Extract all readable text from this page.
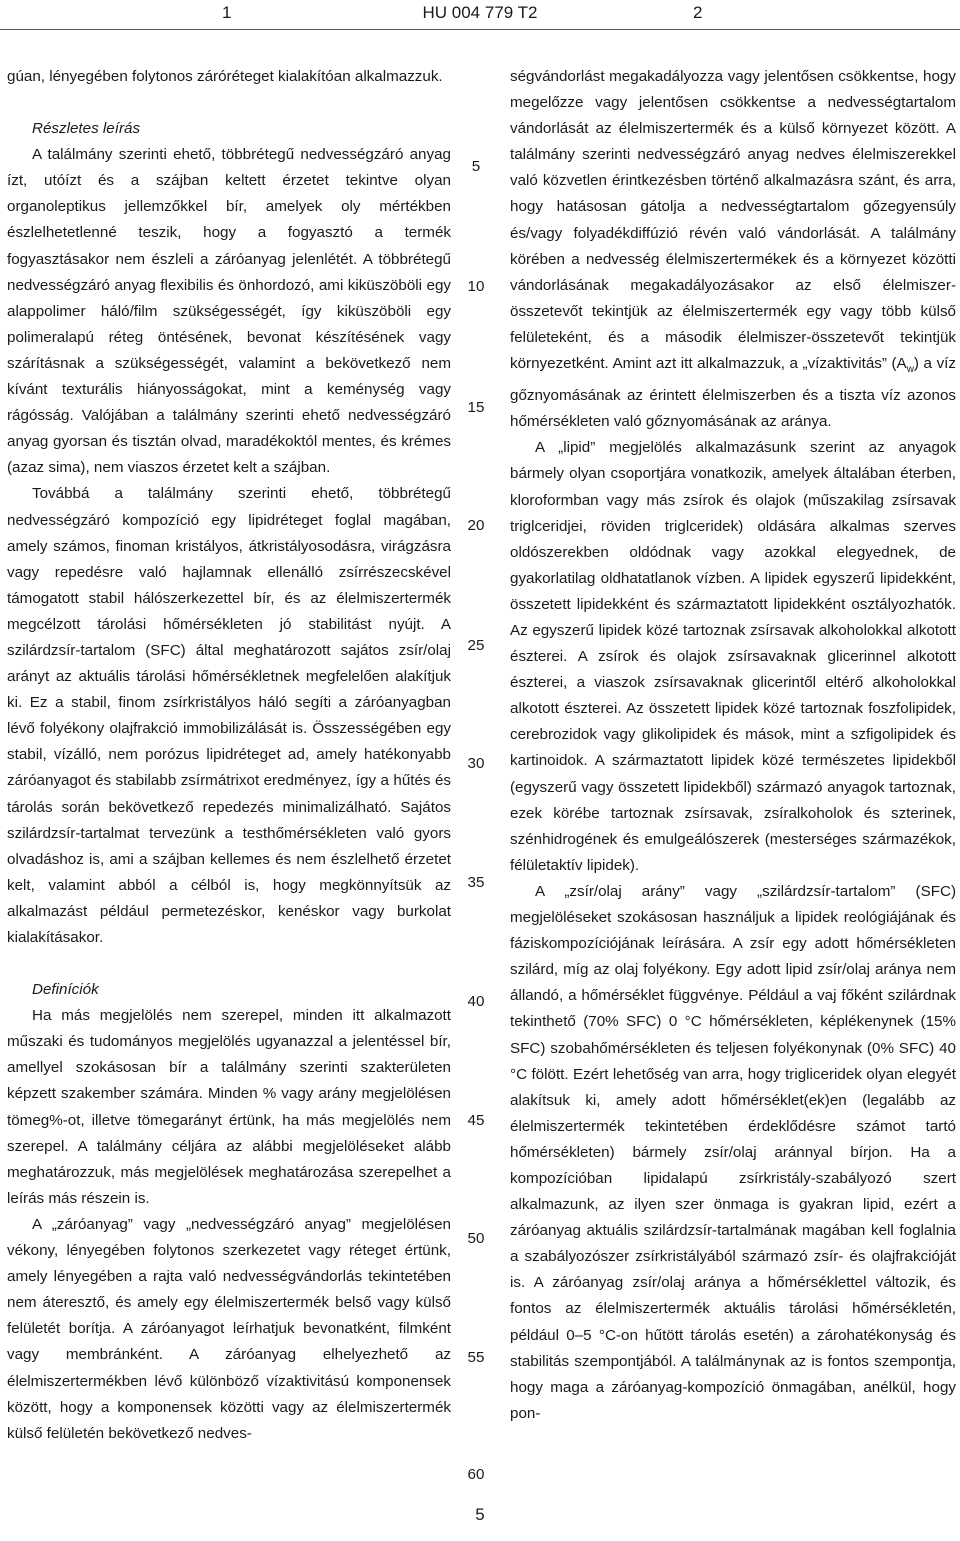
1	HU 004 779 T2	2

gúan, lényegében folytonos záróréteget kialakítóan alkalmazzuk.

Részletes leírás

A találmány szerinti ehető, többrétegű nedvességzáró anyag ízt, utóízt és a szájban keltett érzetet tekintve olyan organoleptikus jellemzőkkel bír, amelyek oly mértékben észlelhetetlenné teszik, hogy a fogyasztó a termék fogyasztásakor nem észleli a záróanyag jelenlétét. A többrétegű nedvességzáró anyag flexibilis és önhordozó, ami kiküszöböli egy alappolimer háló/film szükségességét, így kiküszöböli egy polimeralapú réteg öntésének, bevonat készítésének vagy szárításnak a szükségességét, valamint a bekövetkező nem kívánt texturális hiányosságokat, mint a keménység vagy rágósság. Valójában a találmány szerinti ehető nedvességzáró anyag gyorsan és tisztán olvad, maradékoktól mentes, és krémes (azaz sima), nem viaszos érzetet kelt a szájban.

Továbbá a találmány szerinti ehető, többrétegű nedvességzáró kompozíció egy lipidréteget foglal magában, amely számos, finoman kristályos, átkristályosodásra, virágzásra vagy repedésre való hajlamnak ellenálló zsírrészecskével támogatott stabil hálószerkezettel bír, és az élelmiszertermék megcélzott tárolási hőmérsékleten jó stabilitást nyújt. A szilárdzsír-tartalom (SFC) által meghatározott sajátos zsír/olaj arányt az aktuális tárolási hőmérsékletnek megfelelően alakítjuk ki. Ez a stabil, finom zsírkristályos háló segíti a záróanyagban lévő folyékony olajfrakció immobilizálását is. Összességében egy stabil, vízálló, nem porózus lipidréteget ad, amely hatékonyabb záróanyagot és stabilabb zsírmátrixot eredményez, így a hűtés és tárolás során bekövetkező repedezés minimalizálható. Sajátos szilárdzsír-tartalmat tervezünk a testhőmérsékleten való gyors olvadáshoz is, ami a szájban kellemes és nem észlelhető érzetet kelt, valamint abból a célból is, hogy megkönnyítsük az alkalmazást például permetezéskor, kenéskor vagy burkolat kialakításakor.

Definíciók

Ha más megjelölés nem szerepel, minden itt alkalmazott műszaki és tudományos megjelölés ugyanazzal a jelentéssel bír, amellyel szokásosan bír a találmány szerinti szakterületen képzett szakember számára. Minden % vagy arány megjelölésen tömeg%-ot, illetve tömegarányt értünk, ha más megjelölés nem szerepel. A találmány céljára az alábbi megjelöléseket alább meghatározzuk, más megjelölések meghatározása szerepelhet a leírás más részein is.

A „záróanyag” vagy „nedvességzáró anyag” megjelölésen vékony, lényegében folytonos szerkezetet vagy réteget értünk, amely lényegében a rajta való nedvességvándorlás tekintetében nem áteresztő, és amely egy élelmiszertermék belső vagy külső felületét borítja. A záróanyagot leírhatjuk bevonatként, filmként vagy membránként. A záróanyag elhelyezhető az élelmiszertermékben lévő különböző vízaktivitású komponensek között, hogy a komponensek közötti vagy az élelmiszertermék külső felületén bekövetkező nedves-

5
10
15
20
25
30
35
40
45
50
55
60

ségvándorlást megakadályozza vagy jelentősen csökkentse, hogy megelőzze vagy jelentősen csökkentse a nedvességtartalom vándorlását az élelmiszertermék és a külső környezet között. A találmány szerinti nedvességzáró anyag nedves élelmiszerekkel való közvetlen érintkezésben történő alkalmazásra szánt, és arra, hogy hatásosan gátolja a nedvességtartalom gőzegyensúly és/vagy folyadékdiffúzió révén való vándorlását. A találmány körében a nedvesség élelmiszertermékek és a környezet közötti vándorlásának megakadályozásakor az első élelmiszer-összetevőt tekintjük az élelmiszertermék egy vagy több külső felületeként, és a második élelmiszer-összetevőt tekintjük környezetként. Amint azt itt alkalmazzuk, a „vízaktivitás” $(A_w)$ a víz gőznyomásának az érintett élelmiszerben és a tiszta víz azonos hőmérsékleten való gőznyomásának az aránya.

A „lipid” megjelölés alkalmazásunk szerint az anyagok bármely olyan csoportjára vonatkozik, amelyek általában éterben, kloroformban vagy más zsírok és olajok (műszakilag zsírsavak triglceridjei, röviden triglceridek) oldására alkalmas szerves oldószerekben oldódnak vagy azokkal elegyednek, de gyakorlatilag oldhatatlanok vízben. A lipidek egyszerű lipidekként, összetett lipidekként és származtatott lipidekként osztályozhatók. Az egyszerű lipidek közé tartoznak zsírsavak alkoholokkal alkotott észterei. A zsírok és olajok zsírsavaknak glicerinnel alkotott észterei, a viaszok zsírsavaknak glicerintől eltérő alkoholokkal alkotott észterei. Az összetett lipidek közé tartoznak foszfolipidek, cerebrozidok vagy glikolipidek és mások, mint a szfigolipidek és kartinoidok. A származtatott lipidek közé természetes lipidekből (egyszerű vagy összetett lipidekből) származó anyagok tartoznak, ezek körébe tartoznak zsírsavak, zsíralkoholok és szterinek, szénhidrogének és emulgeálószerek (mesterséges származékok, félületaktív lipidek).

A „zsír/olaj arány” vagy „szilárdzsír-tartalom” (SFC) megjelöléseket szokásosan használjuk a lipidek reológiájának és fáziskompozíciójának leírására. A zsír egy adott hőmérsékleten szilárd, míg az olaj folyékony. Egy adott lipid zsír/olaj aránya nem állandó, a hőmérséklet függvénye. Például a vaj főként szilárdnak tekinthető (70% SFC) 0 °C hőmérsékleten, képlékenynek (15% SFC) szobahőmérsékleten és teljesen folyékonynak (0% SFC) 40 °C fölött. Ezért lehetőség van arra, hogy trigliceridek olyan elegyét alakítsuk ki, amely adott hőmérséklet(ek)en (legalább az élelmiszertermék tekintetében érdeklődésre számot tartó hőmérsékleten) bármely zsír/olaj aránnyal bírjon. Ha a kompozícióban lipidalapú zsírkristály-szabályozó szert alkalmazunk, az ilyen szer önmaga is gyakran lipid, ezért a záróanyag aktuális szilárdzsír-tartalmának magában kell foglalnia a szabályozószer zsírkristályából származó zsír- és olajfrakcióját is. A záróanyag zsír/olaj aránya a hőmérséklettel változik, és fontos az élelmiszertermék aktuális tárolási hőmérsékletén, például 0–5 °C-on hűtött tárolás esetén) a zárohatékonyság és stabilitás szempontjából. A találmánynak az is fontos szempontja, hogy maga a záróanyag-kompozíció önmagában, anélkül, hogy pon-

5
